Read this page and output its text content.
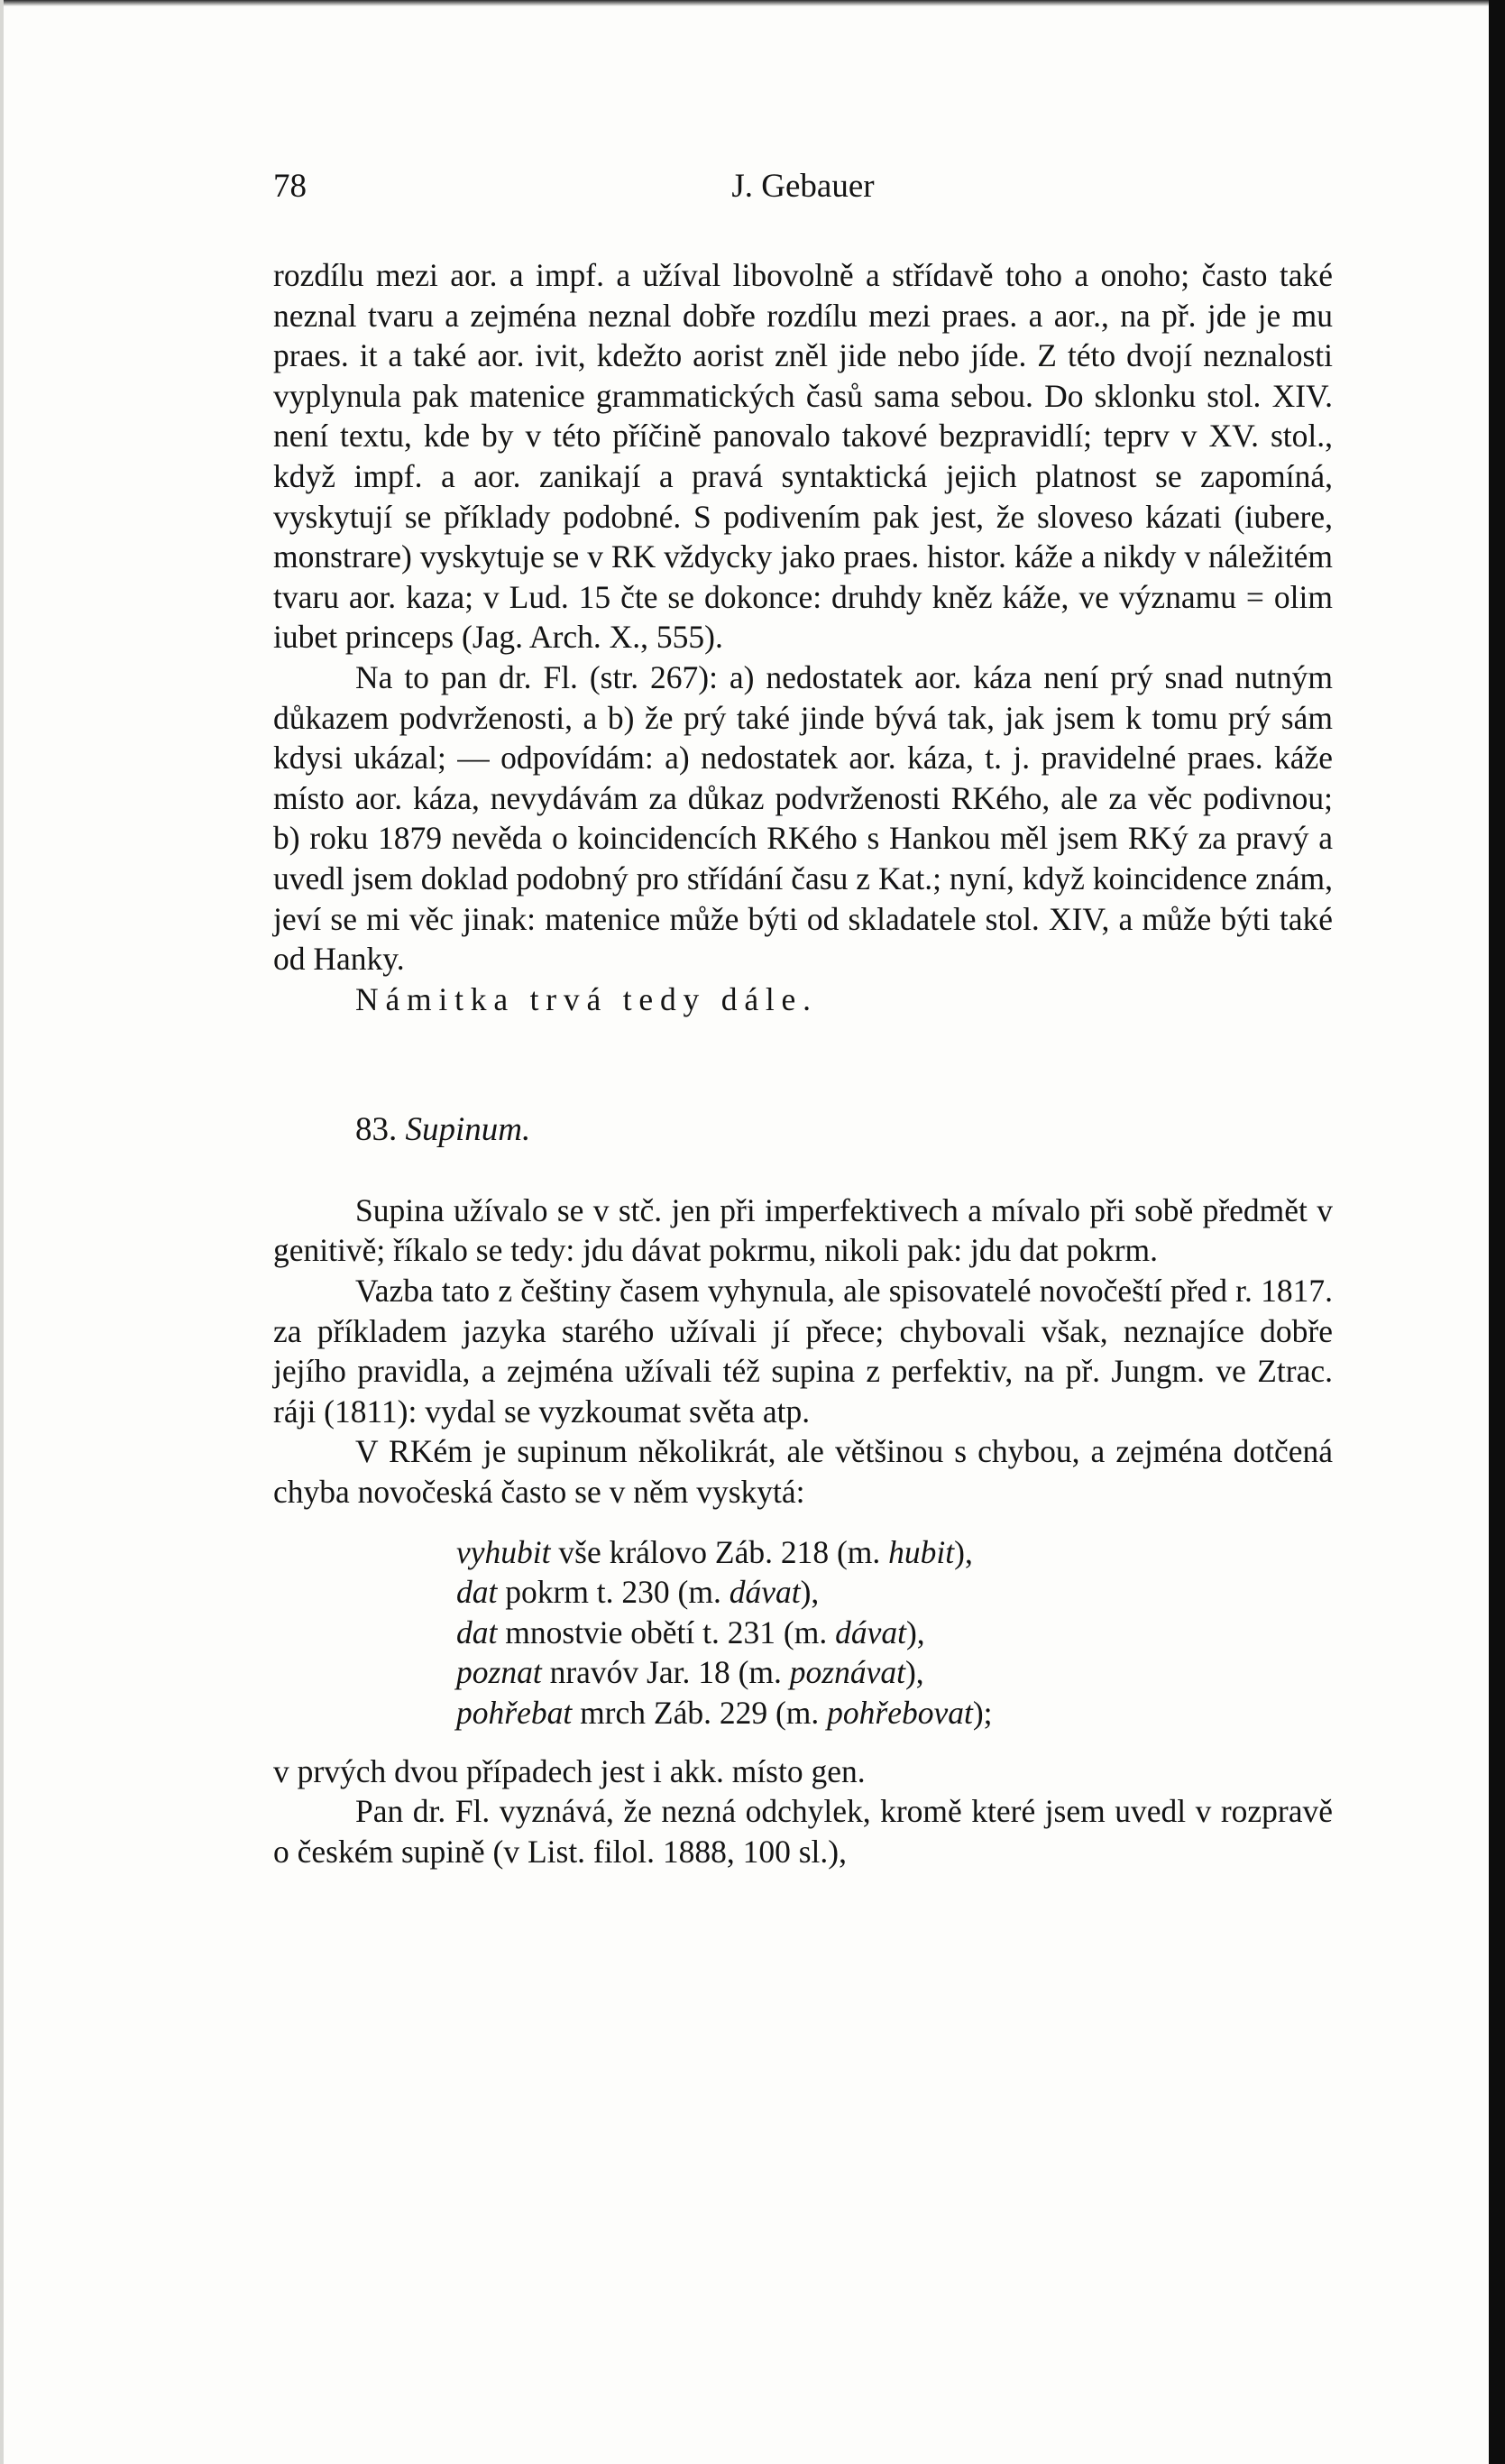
78	J. Gebauer

rozdílu mezi aor. a impf. a užíval libovolně a střídavě toho a onoho; často také neznal tvaru a zejména neznal dobře rozdílu mezi praes. a aor., na př. jde je mu praes. it a také aor. ivit, kdežto aorist zněl jide nebo jíde. Z této dvojí neznalosti vyplynula pak matenice grammatických časů sama sebou. Do sklonku stol. XIV. není textu, kde by v této příčině panovalo takové bezpravidlí; teprv v XV. stol., když impf. a aor. zanikají a pravá syntaktická jejich platnost se zapomíná, vyskytují se příklady podobné. S podivením pak jest, že sloveso kázati (iubere, monstrare) vyskytuje se v RK vždycky jako praes. histor. káže a nikdy v náležitém tvaru aor. kaza; v Lud. 15 čte se dokonce: druhdy kněz káže, ve významu = olim iubet princeps (Jag. Arch. X., 555).

Na to pan dr. Fl. (str. 267): a) nedostatek aor. káza není prý snad nutným důkazem podvrženosti, a b) že prý také jinde bývá tak, jak jsem k tomu prý sám kdysi ukázal; — odpovídám: a) nedostatek aor. káza, t. j. pravidelné praes. káže místo aor. káza, nevydávám za důkaz podvrženosti RKého, ale za věc podivnou; b) roku 1879 nevěda o koincidencích RKého s Hankou měl jsem RKý za pravý a uvedl jsem doklad podobný pro střídání času z Kat.; nyní, když koincidence znám, jeví se mi věc jinak: matenice může býti od skladatele stol. XIV, a může býti také od Hanky.

Námitka trvá tedy dále.

83. Supinum.

Supina užívalo se v stč. jen při imperfektivech a mívalo při sobě předmět v genitivě; říkalo se tedy: jdu dávat pokrmu, nikoli pak: jdu dat pokrm.

Vazba tato z češtiny časem vyhynula, ale spisovatelé novočeští před r. 1817. za příkladem jazyka starého užívali jí přece; chybovali však, neznajíce dobře jejího pravidla, a zejména užívali též supina z perfektiv, na př. Jungm. ve Ztrac. ráji (1811): vydal se vyzkoumat světa atp.

V RKém je supinum několikrát, ale většinou s chybou, a zejména dotčená chyba novočeská často se v něm vyskytá:

vyhubit vše královo Záb. 218 (m. hubit),
dat pokrm t. 230 (m. dávat),
dat mnostvie obětí t. 231 (m. dávat),
poznat nravóv Jar. 18 (m. poznávat),
pohřebat mrch Záb. 229 (m. pohřebovat);

v prvých dvou případech jest i akk. místo gen.

Pan dr. Fl. vyznává, že nezná odchylek, kromě které jsem uvedl v rozpravě o českém supině (v List. filol. 1888, 100 sl.),
